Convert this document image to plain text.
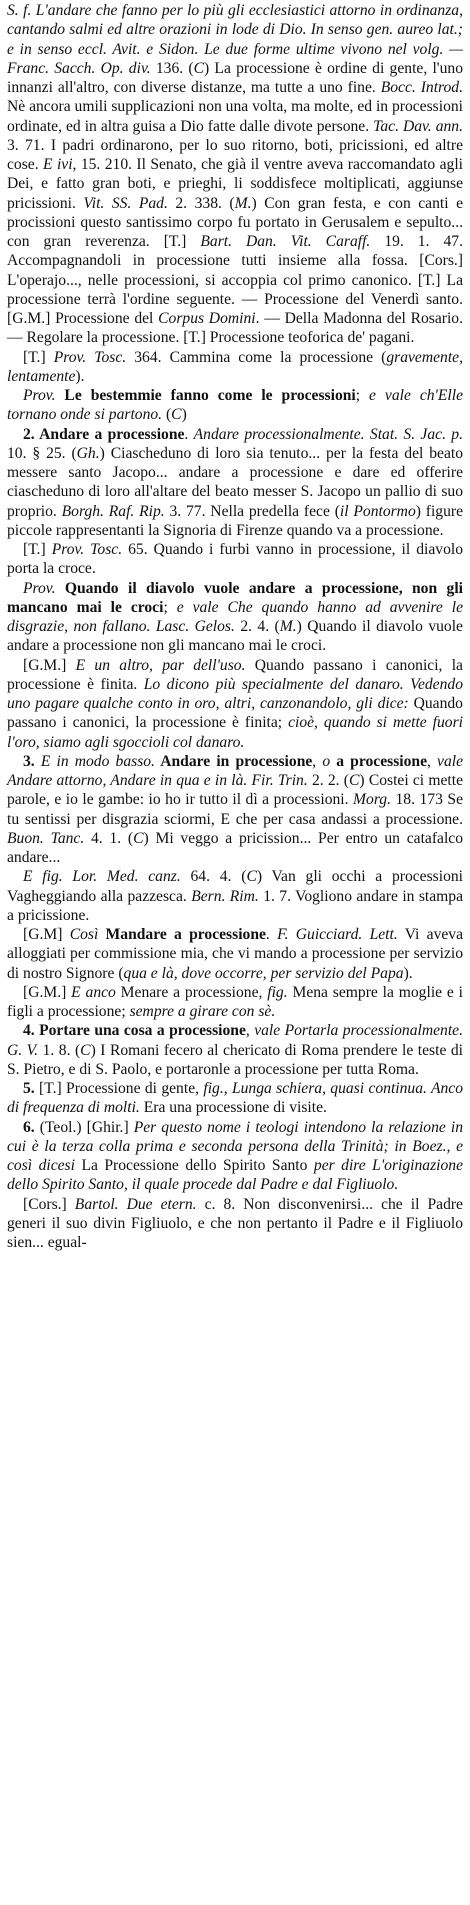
S. f. L'andare che fanno per lo più gli ecclesiastici attorno in ordinanza, cantando salmi ed altre orazioni in lode di Dio. In senso gen. aureo lat.; e in senso eccl. Avit. e Sidon. Le due forme ultime vivono nel volg. — Franc. Sacch. Op. div. 136. (C) La processione è ordine di gente, l'uno innanzi all'altro, con diverse distanze, ma tutte a uno fine. Bocc. Introd. Nè ancora umili supplicazioni non una volta, ma molte, ed in processioni ordinate, ed in altra guisa a Dio fatte dalle divote persone. Tac. Dav. ann. 3. 71. I padri ordinarono, per lo suo ritorno, boti, pricissioni, ed altre cose. E ivi, 15. 210. Il Senato, che già il ventre aveva raccomandato agli Dei, e fatto gran boti, e prieghi, li soddisfece moltiplicati, aggiunse pricissioni. Vit. SS. Pad. 2. 338. (M.) Con gran festa, e con canti e procissioni questo santissimo corpo fu portato in Gerusalem e sepulto... con gran reverenza. [T.] Bart. Dan. Vit. Caraff. 19. 1. 47. Accompagnandoli in processione tutti insieme alla fossa. [Cors.] L'operajo..., nelle processioni, si accoppia col primo canonico. [T.] La processione terrà l'ordine seguente. — Processione del Venerdì santo. [G.M.] Processione del Corpus Domini. — Della Madonna del Rosario. — Regolare la processione. [T.] Processione teoforica de' pagani.

[T.] Prov. Tosc. 364. Cammina come la processione (gravemente, lentamente).

Prov. Le bestemmie fanno come le processioni; e vale ch'Elle tornano onde si partono. (C)

2. Andare a processione. Andare processionalmente. Stat. S. Jac. p. 10. § 25. (Gh.) Ciascheduno di loro sia tenuto... per la festa del beato messere santo Jacopo... andare a processione e dare ed offerire ciascheduno di loro all'altare del beato messer S. Jacopo un pallio di suo proprio. Borgh. Raf. Rip. 3. 77. Nella predella fece (il Pontormo) figure piccole rappresentanti la Signoria di Firenze quando va a processione.

[T.] Prov. Tosc. 65. Quando i furbi vanno in processione, il diavolo porta la croce.

Prov. Quando il diavolo vuole andare a processione, non gli mancano mai le croci; e vale Che quando hanno ad avvenire le disgrazie, non fallano. Lasc. Gelos. 2. 4. (M.) Quando il diavolo vuole andare a processione non gli mancano mai le croci.

[G.M.] E un altro, par dell'uso. Quando passano i canonici, la processione è finita. Lo dicono più specialmente del danaro. Vedendo uno pagare qualche conto in oro, altri, canzonandolo, gli dice: Quando passano i canonici, la processione è finita; cioè, quando si mette fuori l'oro, siamo agli sgoccioli col danaro.

3. E in modo basso. Andare in processione, o a processione, vale Andare attorno, Andare in qua e in là. Fir. Trin. 2. 2. (C) Costei ci mette parole, e io le gambe: io ho ir tutto il dì a processioni. Morg. 18. 173 Se tu sentissi per disgrazia sciormi, E che per casa andassi a processione. Buon. Tanc. 4. 1. (C) Mi veggo a pricission... Per entro un catafalco andare...

E fig. Lor. Med. canz. 64. 4. (C) Van gli occhi a processioni Vagheggiando alla pazzesca. Bern. Rim. 1. 7. Vogliono andare in stampa a pricissione.

[G.M] Così Mandare a processione. F. Guicciard. Lett. Vi aveva alloggiati per commissione mia, che vi mando a processione per servizio di nostro Signore (qua e là, dove occorre, per servizio del Papa).

[G.M.] E anco Menare a processione, fig. Mena sempre la moglie e i figli a processione; sempre a girare con sè.

4. Portare una cosa a processione, vale Portarla processionalmente. G. V. 1. 8. (C) I Romani fecero al chericato di Roma prendere le teste di S. Pietro, e di S. Paolo, e portaronle a processione per tutta Roma.

5. [T.] Processione di gente, fig., Lunga schiera, quasi continua. Anco di frequenza di molti. Era una processione di visite.

6. (Teol.) [Ghir.] Per questo nome i teologi intendono la relazione in cui è la terza colla prima e seconda persona della Trinità; in Boez., e così dicesi La Processione dello Spirito Santo per dire L'originazione dello Spirito Santo, il quale procede dal Padre e dal Figliuolo.

[Cors.] Bartol. Due etern. c. 8. Non disconvenirsi... che il Padre generi il suo divin Figliuolo, e che non pertanto il Padre e il Figliuolo sien... egual-
